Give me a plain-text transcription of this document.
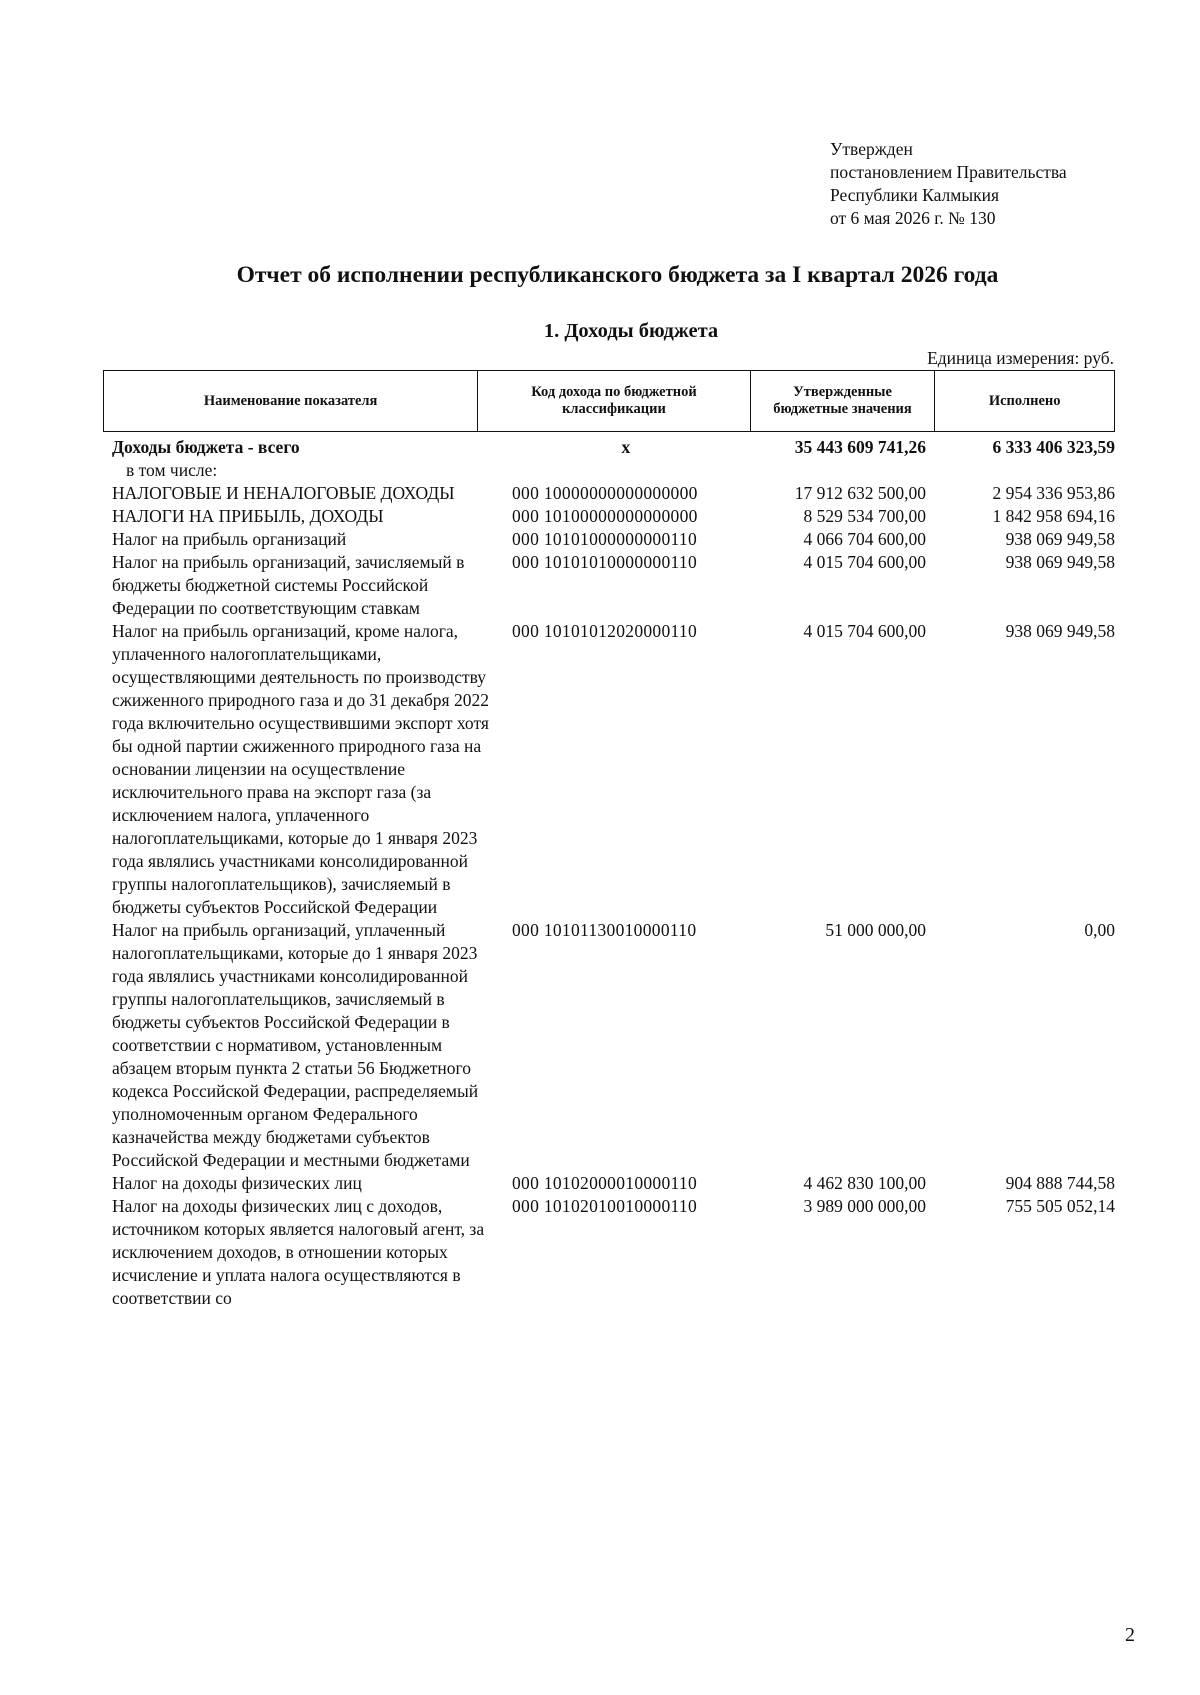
Утвержден
постановлением Правительства
Республики Калмыкия
от 6 мая 2026 г. № 130
Отчет об исполнении республиканского бюджета за I квартал 2026 года
1. Доходы бюджета
Единица измерения: руб.
Наименование показателя
Код дохода по бюджетной классификации
Утвержденные бюджетные значения
Исполнено
Доходы бюджета - всего	х	35 443 609 741,26	6 333 406 323,59
в том числе:
НАЛОГОВЫЕ И НЕНАЛОГОВЫЕ ДОХОДЫ	000 10000000000000000	17 912 632 500,00	2 954 336 953,86
НАЛОГИ НА ПРИБЫЛЬ, ДОХОДЫ	000 10100000000000000	8 529 534 700,00	1 842 958 694,16
Налог на прибыль организаций	000 10101000000000110	4 066 704 600,00	938 069 949,58
Налог на прибыль организаций, зачисляемый в бюджеты бюджетной системы Российской Федерации по соответствующим ставкам
000 10101010000000110	4 015 704 600,00	938 069 949,58
Налог на прибыль организаций, кроме налога, уплаченного налогоплательщиками, осуществляющими деятельность по производству сжиженного природного газа и до 31 декабря 2022 года включительно осуществившими экспорт хотя бы одной партии сжиженного природного газа на основании лицензии на осуществление исключительного права на экспорт газа (за исключением налога, уплаченного налогоплательщиками, которые до 1 января 2023 года являлись участниками консолидированной группы налогоплательщиков), зачисляемый в бюджеты субъектов Российской Федерации
000 10101012020000110	4 015 704 600,00	938 069 949,58
Налог на прибыль организаций, уплаченный налогоплательщиками, которые до 1 января 2023 года являлись участниками консолидированной группы налогоплательщиков, зачисляемый в бюджеты субъектов Российской Федерации в соответствии с нормативом, установленным абзацем вторым пункта 2 статьи 56 Бюджетного кодекса Российской Федерации, распределяемый уполномоченным органом Федерального казначейства между бюджетами субъектов Российской Федерации и местными бюджетами
000 10101130010000110	51 000 000,00	0,00
Налог на доходы физических лиц	000 10102000010000110	4 462 830 100,00	904 888 744,58
Налог на доходы физических лиц с доходов, источником которых является налоговый агент, за исключением доходов, в отношении которых исчисление и уплата налога осуществляются в соответствии со
000 10102010010000110	3 989 000 000,00	755 505 052,14
2
